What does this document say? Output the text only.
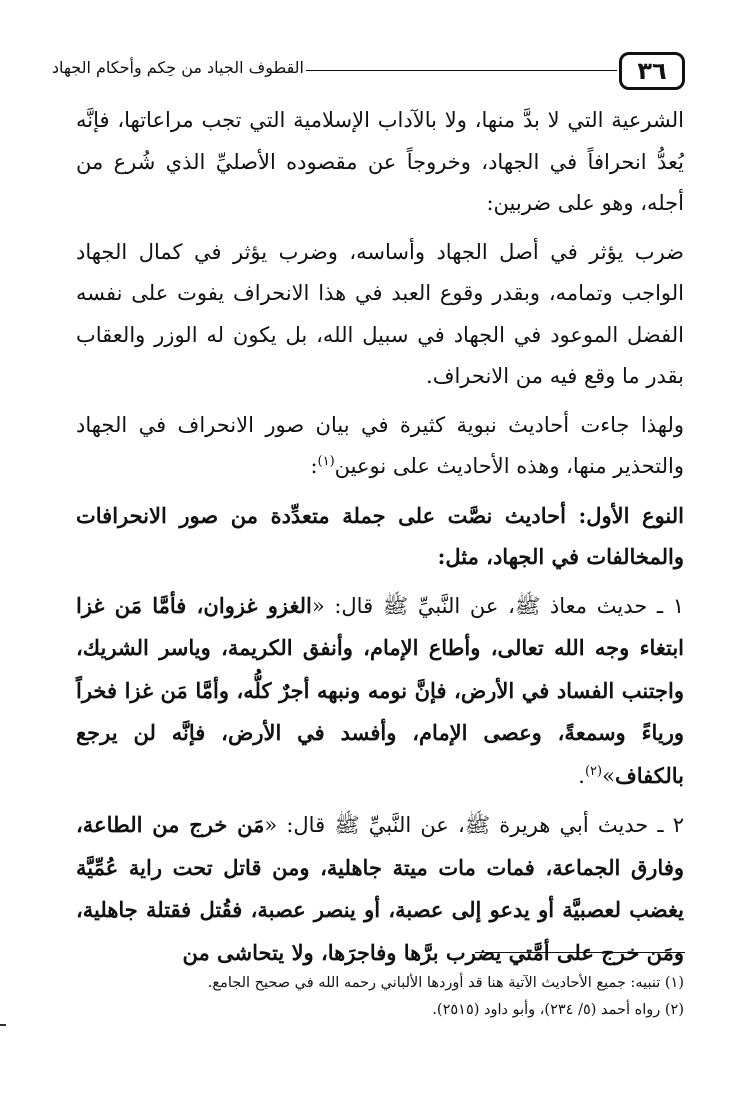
٣٦
القطوف الجياد من حِكم وأحكام الجهاد

الشرعية التي لا بدَّ منها، ولا بالآداب الإسلامية التي تجب مراعاتها، فإنَّه يُعدُّ انحرافاً في الجهاد، وخروجاً عن مقصوده الأصليِّ الذي شُرع من أجله، وهو على ضربين:

ضرب يؤثر في أصل الجهاد وأساسه، وضرب يؤثر في كمال الجهاد الواجب وتمامه، وبقدر وقوع العبد في هذا الانحراف يفوت على نفسه الفضل الموعود في الجهاد في سبيل الله، بل يكون له الوزر والعقاب بقدر ما وقع فيه من الانحراف.

ولهذا جاءت أحاديث نبوية كثيرة في بيان صور الانحراف في الجهاد والتحذير منها، وهذه الأحاديث على نوعين$^{(١)}$:

النوع الأول: أحاديث نصَّت على جملة متعدِّدة من صور الانحرافات والمخالفات في الجهاد، مثل:

١ ـ حديث معاذ ﷺ، عن النَّبيِّ ﷺ قال: «الغزو غزوان، فأمَّا مَن غزا ابتغاء وجه الله تعالى، وأطاع الإمام، وأنفق الكريمة، وياسر الشريك، واجتنب الفساد في الأرض، فإنَّ نومه ونبهه أجرٌ كلُّه، وأمَّا مَن غزا فخراً ورياءً وسمعةً، وعصى الإمام، وأفسد في الأرض، فإنَّه لن يرجع بالكفاف»$^{(٢)}$.

٢ ـ حديث أبي هريرة ﷺ، عن النَّبيِّ ﷺ قال: «مَن خرج من الطاعة، وفارق الجماعة، فمات مات ميتة جاهلية، ومن قاتل تحت راية عُمِّيَّة يغضب لعصبيَّة أو يدعو إلى عصبة، أو ينصر عصبة، فقُتل فقتلة جاهلية، ومَن خرج على أمَّتي يضرب برَّها وفاجرَها، ولا يتحاشى من

(١) تنبيه: جميع الأحاديث الآتية هنا قد أوردها الألباني رحمه الله في صحيح الجامع.
(٢) رواه أحمد (٥/ ٢٣٤)، وأبو داود (٢٥١٥).
